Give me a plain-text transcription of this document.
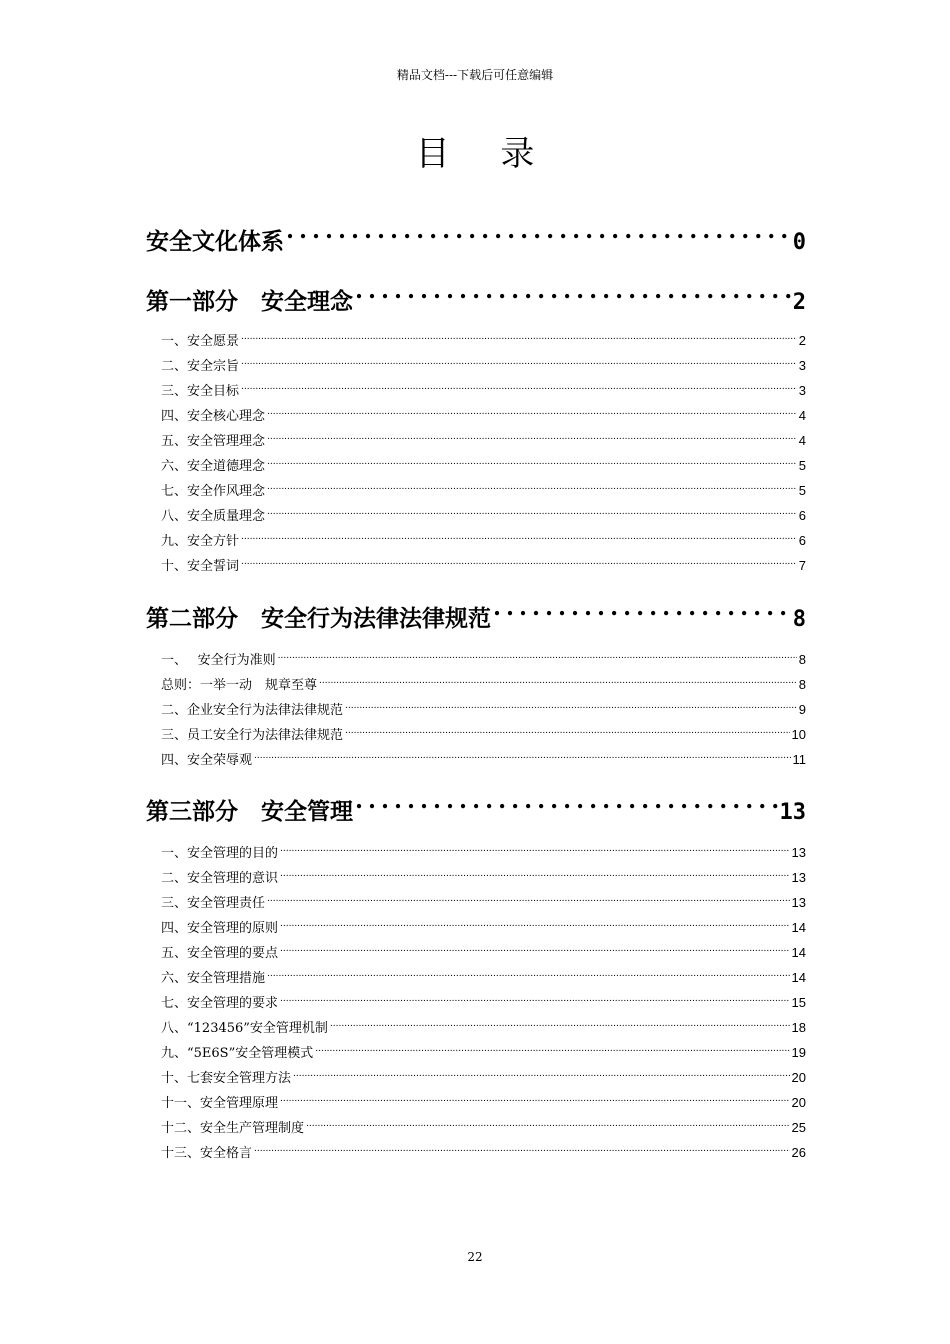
精品文档---下载后可任意编辑
目 录
安全文化体系 .....	0
第一部分　安全理念 .....	2
一、安全愿景 .....	2
二、安全宗旨 .....	3
三、安全目标 .....	3
四、安全核心理念 .....	4
五、安全管理理念 .....	4
六、安全道德理念 .....	5
七、安全作风理念 .....	5
八、安全质量理念 .....	6
九、安全方针 .....	6
十、安全誓词 .....	7
第二部分　安全行为法律法律规范 .....	8
一、　 安全行为准则 .....	8
总则：一举一动　规章至尊 .....	8
二、企业安全行为法律法律规范 .....	9
三、员工安全行为法律法律规范 .....	10
四、安全荣辱观 .....	11
第三部分　安全管理 .....	13
一、安全管理的目的 .....	13
二、安全管理的意识 .....	13
三、安全管理责任 .....	13
四、安全管理的原则 .....	14
五、安全管理的要点 .....	14
六、安全管理措施 .....	14
七、安全管理的要求 .....	15
八、“123456”安全管理机制 .....	18
九、“5E6S”安全管理模式 .....	19
十、七套安全管理方法 .....	20
十一、安全管理原理 .....	20
十二、安全生产管理制度 .....	25
十三、安全格言 .....	26
22
